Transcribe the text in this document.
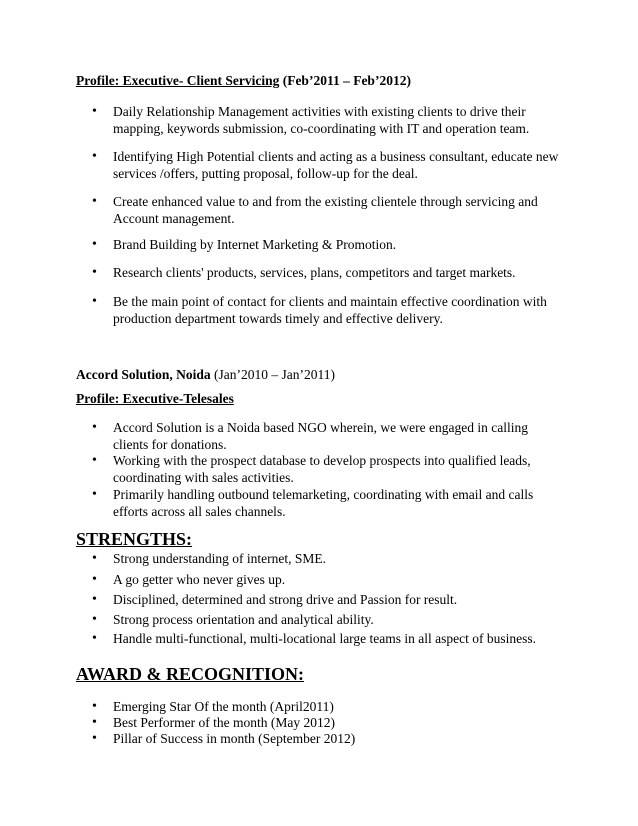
Profile: Executive- Client Servicing (Feb’2011 – Feb’2012)

•	Daily Relationship Management activities with existing clients to drive their mapping, keywords submission, co-coordinating with IT and operation team.

•	Identifying High Potential clients and acting as a business consultant, educate new services /offers, putting proposal, follow-up for the deal.

•	Create enhanced value to and from the existing clientele through servicing and Account management.

•	Brand Building by Internet Marketing & Promotion.

•	Research clients' products, services, plans, competitors and target markets.

•	Be the main point of contact for clients and maintain effective coordination with production department towards timely and effective delivery.

Accord Solution, Noida (Jan’2010 – Jan’2011)

Profile: Executive-Telesales

•	Accord Solution is a Noida based NGO wherein, we were engaged in calling clients for donations.

•	Working with the prospect database to develop prospects into qualified leads, coordinating with sales activities.

•	Primarily handling outbound telemarketing, coordinating with email and calls efforts across all sales channels.

STRENGTHS:

•	Strong understanding of internet, SME.

•	A go getter who never gives up.

•	Disciplined, determined and strong drive and Passion for result.

•	Strong process orientation and analytical ability.

•	Handle multi-functional, multi-locational large teams in all aspect of business.

AWARD & RECOGNITION:

•	Emerging Star Of the month (April2011)

•	Best Performer of the month (May 2012)

•	Pillar of Success in month (September 2012)
